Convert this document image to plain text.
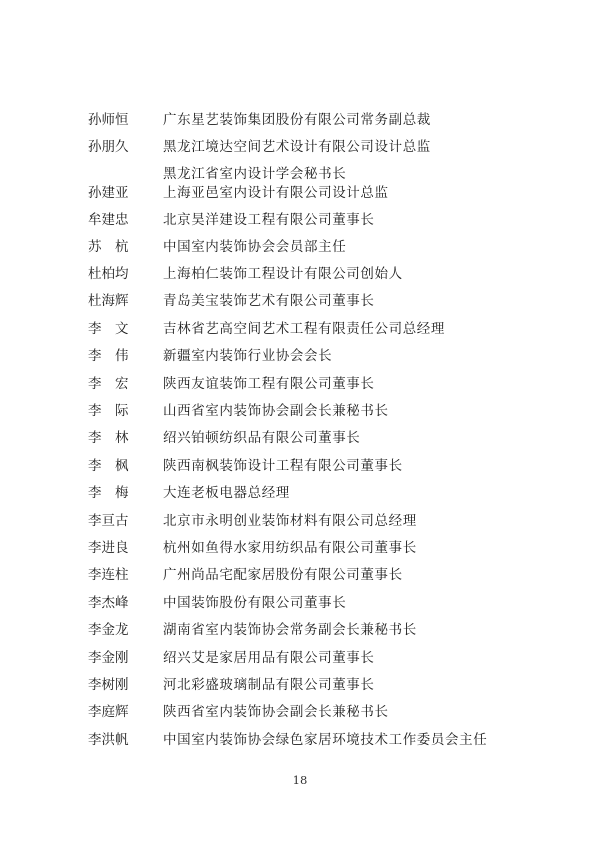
孙师恒	广东星艺装饰集团股份有限公司常务副总裁
孙朋久	黑龙江境达空间艺术设计有限公司设计总监
黑龙江省室内设计学会秘书长
孙建亚	上海亚邑室内设计有限公司设计总监
牟建忠	北京昊洋建设工程有限公司董事长
苏　杭	中国室内装饰协会会员部主任
杜柏均	上海柏仁装饰工程设计有限公司创始人
杜海辉	青岛美宝装饰艺术有限公司董事长
李　文	吉林省艺高空间艺术工程有限责任公司总经理
李　伟	新疆室内装饰行业协会会长
李　宏	陕西友谊装饰工程有限公司董事长
李　际	山西省室内装饰协会副会长兼秘书长
李　林	绍兴铂顿纺织品有限公司董事长
李　枫	陕西南枫装饰设计工程有限公司董事长
李　梅	大连老板电器总经理
李亘古	北京市永明创业装饰材料有限公司总经理
李进良	杭州如鱼得水家用纺织品有限公司董事长
李连柱	广州尚品宅配家居股份有限公司董事长
李杰峰	中国装饰股份有限公司董事长
李金龙	湖南省室内装饰协会常务副会长兼秘书长
李金刚	绍兴艾是家居用品有限公司董事长
李树刚	河北彩盛玻璃制品有限公司董事长
李庭辉	陕西省室内装饰协会副会长兼秘书长
李洪帆	中国室内装饰协会绿色家居环境技术工作委员会主任
18
